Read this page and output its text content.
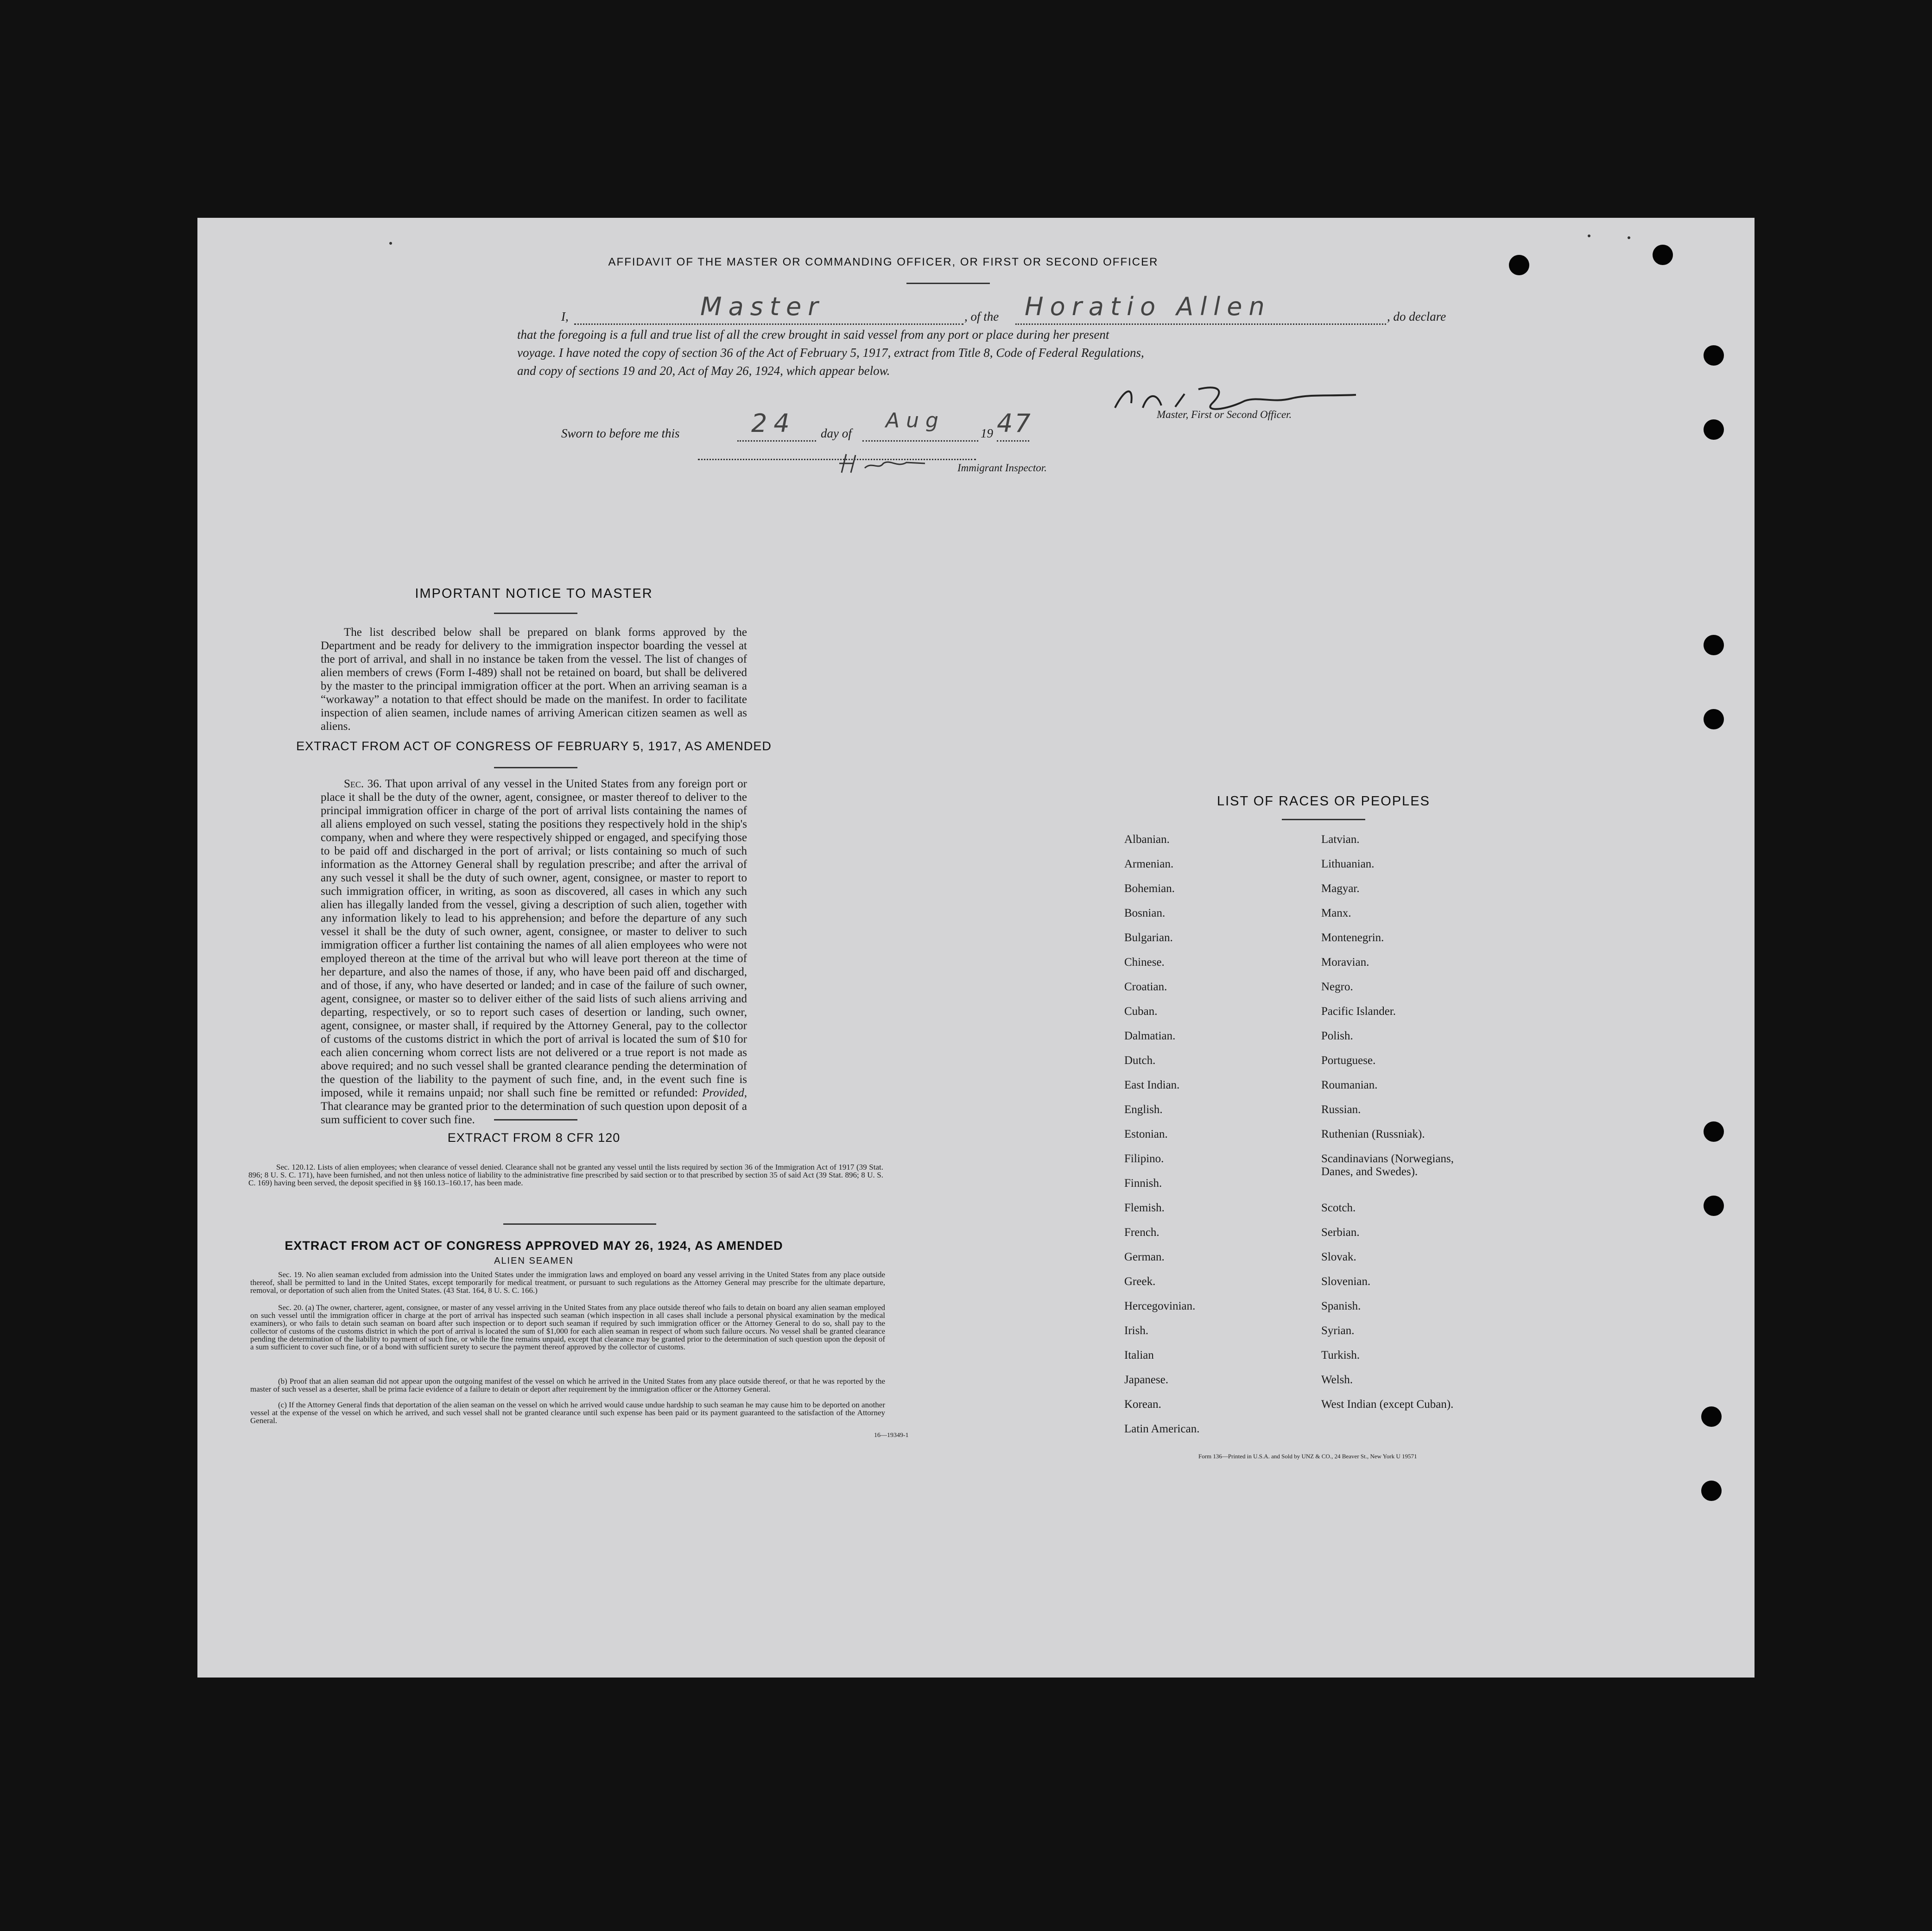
AFFIDAVIT OF THE MASTER OR COMMANDING OFFICER, OR FIRST OR SECOND OFFICER
I,	Master	, of the Horatio Allen	, do declare
that the foregoing is a full and true list of all the crew brought in said vessel from any port or place during her present
voyage. I have noted the copy of section 36 of the Act of February 5, 1917, extract from Title 8, Code of Federal Regulations,
and copy of sections 19 and 20, Act of May 26, 1924, which appear below.
Master, First or Second Officer.
Sworn to before me this	24 day of
Aug
19 47
Immigrant Inspector.
IMPORTANT NOTICE TO MASTER
The list described below shall be prepared on blank forms approved by the Department and be ready for delivery to the immigration inspector boarding the vessel at the port of arrival, and shall in no instance be taken from the vessel. The list of changes of alien members of crews (Form I-489) shall not be retained on board, but shall be delivered by the master to the principal immigration officer at the port. When an arriving seaman is a “workaway” a notation to that effect should be made on the manifest. In order to facilitate inspection of alien seamen, include names of arriving American citizen seamen as well as aliens.
EXTRACT FROM ACT OF CONGRESS OF FEBRUARY 5, 1917, AS AMENDED
Sec. 36. That upon arrival of any vessel in the United States from any foreign port or place it shall be the duty of the owner, agent, consignee, or master thereof to deliver to the principal immigration officer in charge of the port of arrival lists containing the names of all aliens employed on such vessel, stating the positions they respectively hold in the ship's company, when and where they were respectively shipped or engaged, and specifying those to be paid off and discharged in the port of arrival; or lists containing so much of such information as the Attorney General shall by regulation prescribe; and after the arrival of any such vessel it shall be the duty of such owner, agent, consignee, or master to report to such immigration officer, in writing, as soon as discovered, all cases in which any such alien has illegally landed from the vessel, giving a description of such alien, together with any information likely to lead to his apprehension; and before the departure of any such vessel it shall be the duty of such owner, agent, consignee, or master to deliver to such immigration officer a further list containing the names of all alien employees who were not employed thereon at the time of the arrival but who will leave port thereon at the time of her departure, and also the names of those, if any, who have been paid off and discharged, and of those, if any, who have deserted or landed; and in case of the failure of such owner, agent, consignee, or master so to deliver either of the said lists of such aliens arriving and departing, respectively, or so to report such cases of desertion or landing, such owner, agent, consignee, or master shall, if required by the Attorney General, pay to the collector of customs of the customs district in which the port of arrival is located the sum of $10 for each alien concerning whom correct lists are not delivered or a true report is not made as above required; and no such vessel shall be granted clearance pending the determination of the question of the liability to the payment of such fine, and, in the event such fine is imposed, while it remains unpaid; nor shall such fine be remitted or refunded: Provided, That clearance may be granted prior to the determination of such question upon deposit of a sum sufficient to cover such fine.
EXTRACT FROM 8 CFR 120
Sec. 120.12. Lists of alien employees; when clearance of vessel denied. Clearance shall not be granted any vessel until the lists required by section 36 of the Immigration Act of 1917 (39 Stat. 896; 8 U. S. C. 171), have been furnished, and not then unless notice of liability to the administrative fine prescribed by said section or to that prescribed by section 35 of said Act (39 Stat. 896; 8 U. S. C. 169) having been served, the deposit specified in §§ 160.13–160.17, has been made.
EXTRACT FROM ACT OF CONGRESS APPROVED MAY 26, 1924, AS AMENDED
ALIEN SEAMEN
Sec. 19. No alien seaman excluded from admission into the United States under the immigration laws and employed on board any vessel arriving in the United States from any place outside thereof, shall be permitted to land in the United States, except temporarily for medical treatment, or pursuant to such regulations as the Attorney General may prescribe for the ultimate departure, removal, or deportation of such alien from the United States. (43 Stat. 164, 8 U. S. C. 166.)
Sec. 20. (a) The owner, charterer, agent, consignee, or master of any vessel arriving in the United States from any place outside thereof who fails to detain on board any alien seaman employed on such vessel until the immigration officer in charge at the port of arrival has inspected such seaman (which inspection in all cases shall include a personal physical examination by the medical examiners), or who fails to detain such seaman on board after such inspection or to deport such seaman if required by such immigration officer or the Attorney General to do so, shall pay to the collector of customs of the customs district in which the port of arrival is located the sum of $1,000 for each alien seaman in respect of whom such failure occurs. No vessel shall be granted clearance pending the determination of the liability to payment of such fine, or while the fine remains unpaid, except that clearance may be granted prior to the determination of such question upon the deposit of a sum sufficient to cover such fine, or of a bond with sufficient surety to secure the payment thereof approved by the collector of customs.
(b) Proof that an alien seaman did not appear upon the outgoing manifest of the vessel on which he arrived in the United States from any place outside thereof, or that he was reported by the master of such vessel as a deserter, shall be prima facie evidence of a failure to detain or deport after requirement by the immigration officer or the Attorney General.
(c) If the Attorney General finds that deportation of the alien seaman on the vessel on which he arrived would cause undue hardship to such seaman he may cause him to be deported on another vessel at the expense of the vessel on which he arrived, and such vessel shall not be granted clearance until such expense has been paid or its payment guaranteed to the satisfaction of the Attorney General.
16—19349-1
LIST OF RACES OR PEOPLES
Albanian.
Armenian.
Bohemian.
Bosnian.
Bulgarian.
Chinese.
Croatian.
Cuban.
Dalmatian.
Dutch.
East Indian.
English.
Estonian.
Filipino.
Finnish.
Flemish.
French.
German.
Greek.
Hercegovinian.
Irish.
Italian
Japanese.
Korean.
Latin American.
Latvian.
Lithuanian.
Magyar.
Manx.
Montenegrin.
Moravian.
Negro.
Pacific Islander.
Polish.
Portuguese.
Roumanian.
Russian.
Ruthenian (Russniak).
Scandinavians (Norwegians,
Danes, and Swedes).
Scotch.
Serbian.
Slovak.
Slovenian.
Spanish.
Syrian.
Turkish.
Welsh.
West Indian (except Cuban).
Form 136—Printed in U.S.A. and Sold by UNZ & CO., 24 Beaver St., New York U 19571
